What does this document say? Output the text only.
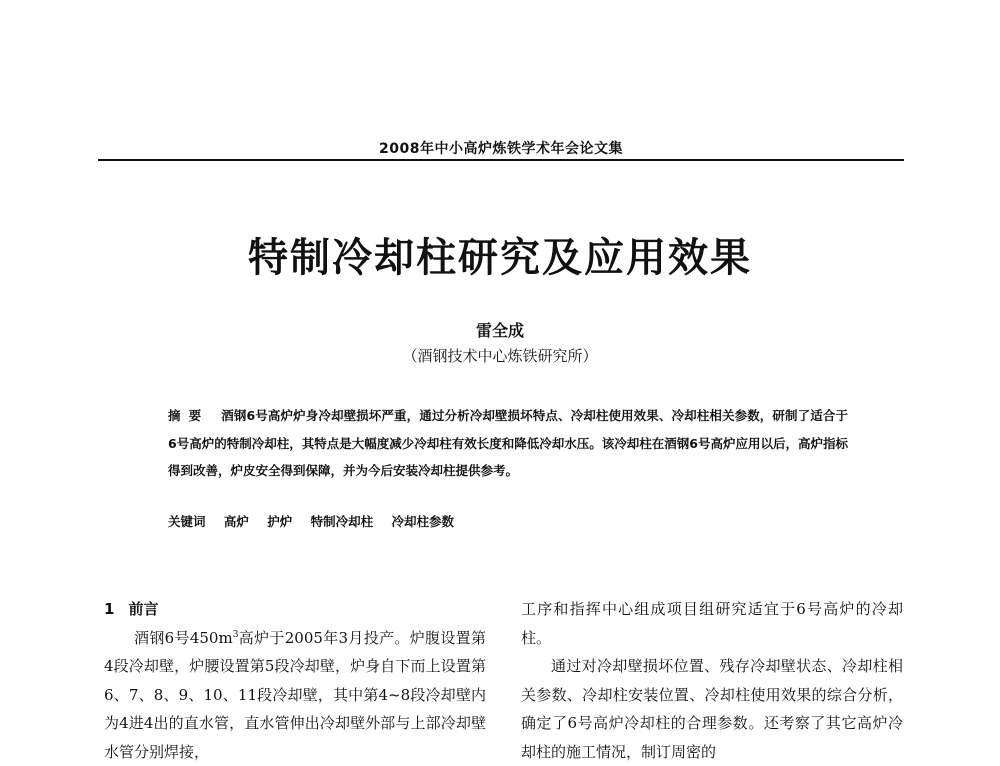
2008年中小高炉炼铁学术年会论文集
特制冷却柱研究及应用效果
雷全成
（酒钢技术中心炼铁研究所）
摘要 酒钢6号高炉炉身冷却壁损坏严重，通过分析冷却壁损坏特点、冷却柱使用效果、冷却柱相关参数，研制了适合于6号高炉的特制冷却柱，其特点是大幅度减少冷却柱有效长度和降低冷却水压。该冷却柱在酒钢6号高炉应用以后，高炉指标得到改善，炉皮安全得到保障，并为今后安装冷却柱提供参考。
关键词 高炉 护炉 特制冷却柱 冷却柱参数
1 前言

酒钢6号$450m^3$高炉于2005年3月投产。炉腹设置第4段冷却壁，炉腰设置第5段冷却壁，炉身自下而上设置第6、7、8、9、10、11段冷却壁，其中第4~8段冷却壁内为4进4出的直水管，直水管伸出冷却壁外部与上部冷却壁水管分别焊接，

工序和指挥中心组成项目组研究适宜于6号高炉的冷却柱。

通过对冷却壁损坏位置、残存冷却壁状态、冷却柱相关参数、冷却柱安装位置、冷却柱使用效果的综合分析，确定了6号高炉冷却柱的合理参数。还考察了其它高炉冷却柱的施工情况，制订周密的
